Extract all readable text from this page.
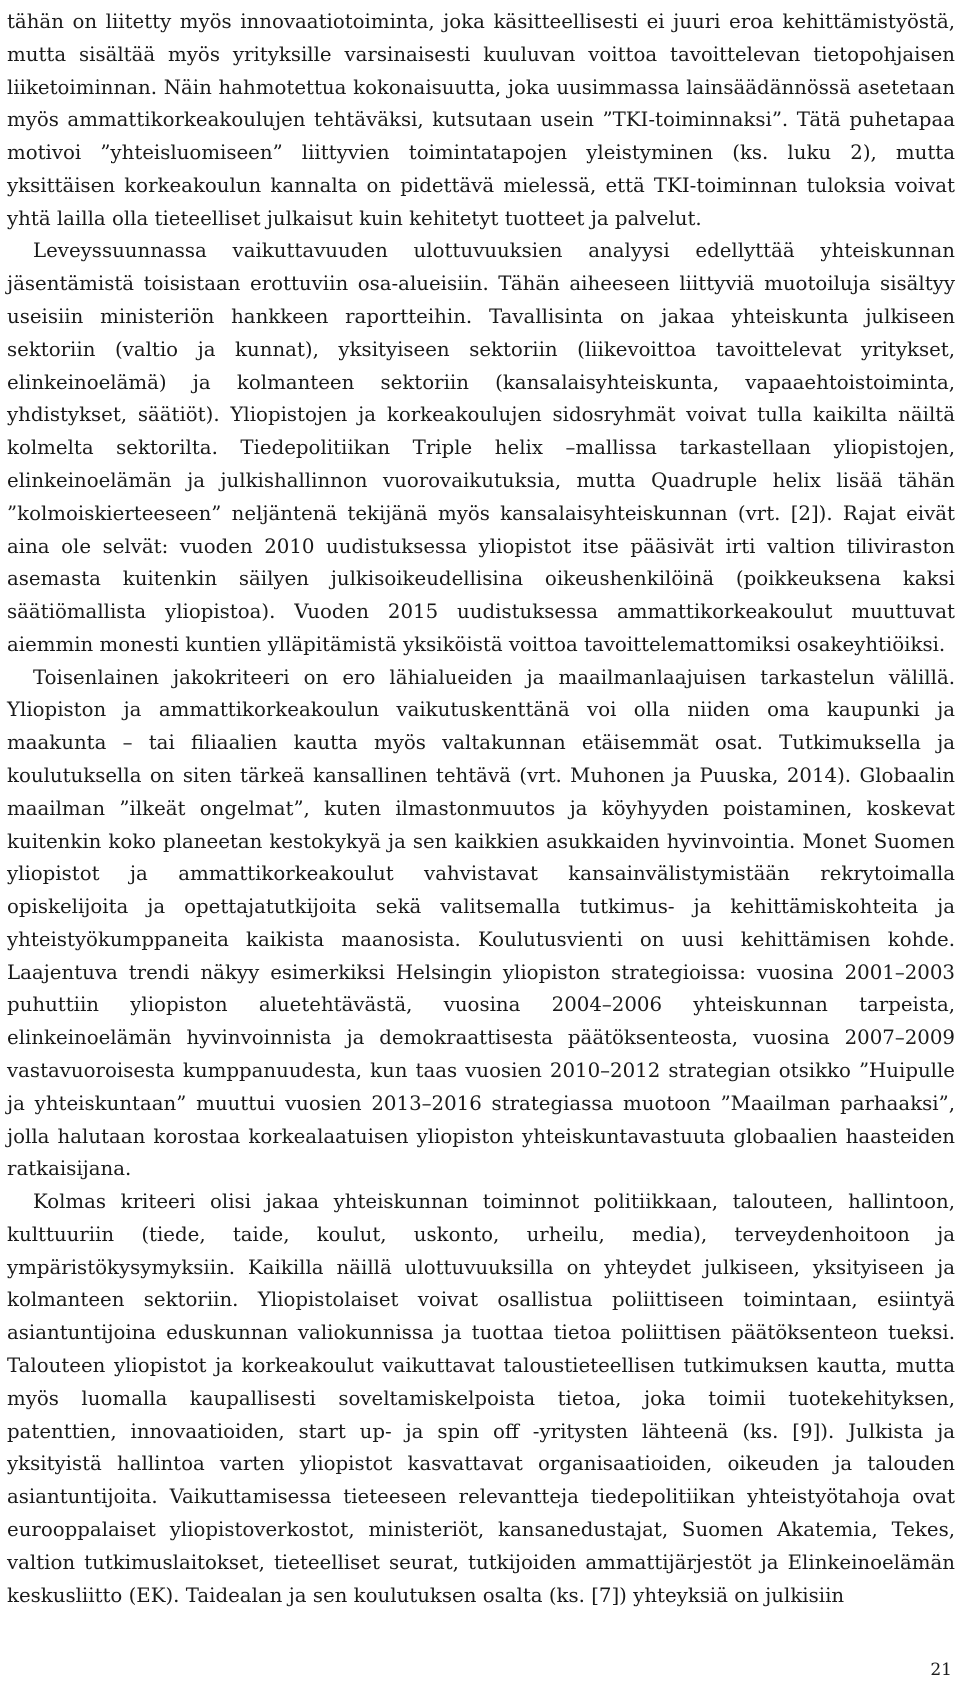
tähän on liitetty myös innovaatiotoiminta, joka käsitteellisesti ei juuri eroa kehittämistyöstä, mutta sisältää myös yrityksille varsinaisesti kuuluvan voittoa tavoittelevan tietopohjaisen liiketoiminnan. Näin hahmotettua kokonaisuutta, joka uusimmassa lainsäädännössä asetetaan myös ammattikorkeakoulujen tehtäväksi, kutsutaan usein ”TKI-toiminnaksi”. Tätä puhetapaa motivoi ”yhteisluomiseen” liittyvien toimintatapojen yleistyminen (ks. luku 2), mutta yksittäisen korkeakoulun kannalta on pidettävä mielessä, että TKI-toiminnan tuloksia voivat yhtä lailla olla tieteelliset julkaisut kuin kehitetyt tuotteet ja palvelut.

Leveyssuunnassa vaikuttavuuden ulottuvuuksien analyysi edellyttää yhteiskunnan jäsentämistä toisistaan erottuviin osa-alueisiin. Tähän aiheeseen liittyviä muotoiluja sisältyy useisiin ministeriön hankkeen raportteihin. Tavallisinta on jakaa yhteiskunta julkiseen sektoriin (valtio ja kunnat), yksityiseen sektoriin (liikevoittoa tavoittelevat yritykset, elinkeinoelämä) ja kolmanteen sektoriin (kansalaisyhteiskunta, vapaaehtoistoiminta, yhdistykset, säätiöt). Yliopistojen ja korkeakoulujen sidosryhmät voivat tulla kaikilta näiltä kolmelta sektorilta. Tiedepolitiikan Triple helix –mallissa tarkastellaan yliopistojen, elinkeinoelämän ja julkishallinnon vuorovaikutuksia, mutta Quadruple helix lisää tähän ”kolmoiskierteeseen” neljäntenä tekijänä myös kansalaisyhteiskunnan (vrt. [2]). Rajat eivät aina ole selvät: vuoden 2010 uudistuksessa yliopistot itse pääsivät irti valtion tiliviraston asemasta kuitenkin säilyen julkisoikeudellisina oikeushenkilöinä (poikkeuksena kaksi säätiömallista yliopistoa). Vuoden 2015 uudistuksessa ammattikorkeakoulut muuttuvat aiemmin monesti kuntien ylläpitämistä yksiköistä voittoa tavoittelemattomiksi osakeyhtiöiksi.

Toisenlainen jakokriteeri on ero lähialueiden ja maailmanlaajuisen tarkastelun välillä. Yliopiston ja ammattikorkeakoulun vaikutuskenttänä voi olla niiden oma kaupunki ja maakunta – tai filiaalien kautta myös valtakunnan etäisemmät osat. Tutkimuksella ja koulutuksella on siten tärkeä kansallinen tehtävä (vrt. Muhonen ja Puuska, 2014). Globaalin maailman ”ilkeät ongelmat”, kuten ilmastonmuutos ja köyhyyden poistaminen, koskevat kuitenkin koko planeetan kestokykyä ja sen kaikkien asukkaiden hyvinvointia. Monet Suomen yliopistot ja ammattikorkeakoulut vahvistavat kansainvälistymistään rekrytoimalla opiskelijoita ja opettajatutkijoita sekä valitsemalla tutkimus- ja kehittämiskohteita ja yhteistyökumppaneita kaikista maanosista. Koulutusvienti on uusi kehittämisen kohde. Laajentuva trendi näkyy esimerkiksi Helsingin yliopiston strategioissa: vuosina 2001–2003 puhuttiin yliopiston aluetehtävästä, vuosina 2004–2006 yhteiskunnan tarpeista, elinkeinoelämän hyvinvoinnista ja demokraattisesta päätöksenteosta, vuosina 2007–2009 vastavuoroisesta kumppanuudesta, kun taas vuosien 2010–2012 strategian otsikko ”Huipulle ja yhteiskuntaan” muuttui vuosien 2013–2016 strategiassa muotoon ”Maailman parhaaksi”, jolla halutaan korostaa korkealaatuisen yliopiston yhteiskuntavastuuta globaalien haasteiden ratkaisijana.

Kolmas kriteeri olisi jakaa yhteiskunnan toiminnot politiikkaan, talouteen, hallintoon, kulttuuriin (tiede, taide, koulut, uskonto, urheilu, media), terveydenhoitoon ja ympäristökysymyksiin. Kaikilla näillä ulottuvuuksilla on yhteydet julkiseen, yksityiseen ja kolmanteen sektoriin. Yliopistolaiset voivat osallistua poliittiseen toimintaan, esiintyä asiantuntijoina eduskunnan valiokunnissa ja tuottaa tietoa poliittisen päätöksenteon tueksi. Talouteen yliopistot ja korkeakoulut vaikuttavat taloustieteellisen tutkimuksen kautta, mutta myös luomalla kaupallisesti soveltamiskelpoista tietoa, joka toimii tuotekehityksen, patenttien, innovaatioiden, start up- ja spin off -yritysten lähteenä (ks. [9]). Julkista ja yksityistä hallintoa varten yliopistot kasvattavat organisaatioiden, oikeuden ja talouden asiantuntijoita. Vaikuttamisessa tieteeseen relevantteja tiedepolitiikan yhteistyötahoja ovat eurooppalaiset yliopistoverkostot, ministeriöt, kansanedustajat, Suomen Akatemia, Tekes, valtion tutkimuslaitokset, tieteelliset seurat, tutkijoiden ammattijärjestöt ja Elinkeinoelämän keskusliitto (EK). Taidealan ja sen koulutuksen osalta (ks. [7]) yhteyksiä on julkisiin

21
